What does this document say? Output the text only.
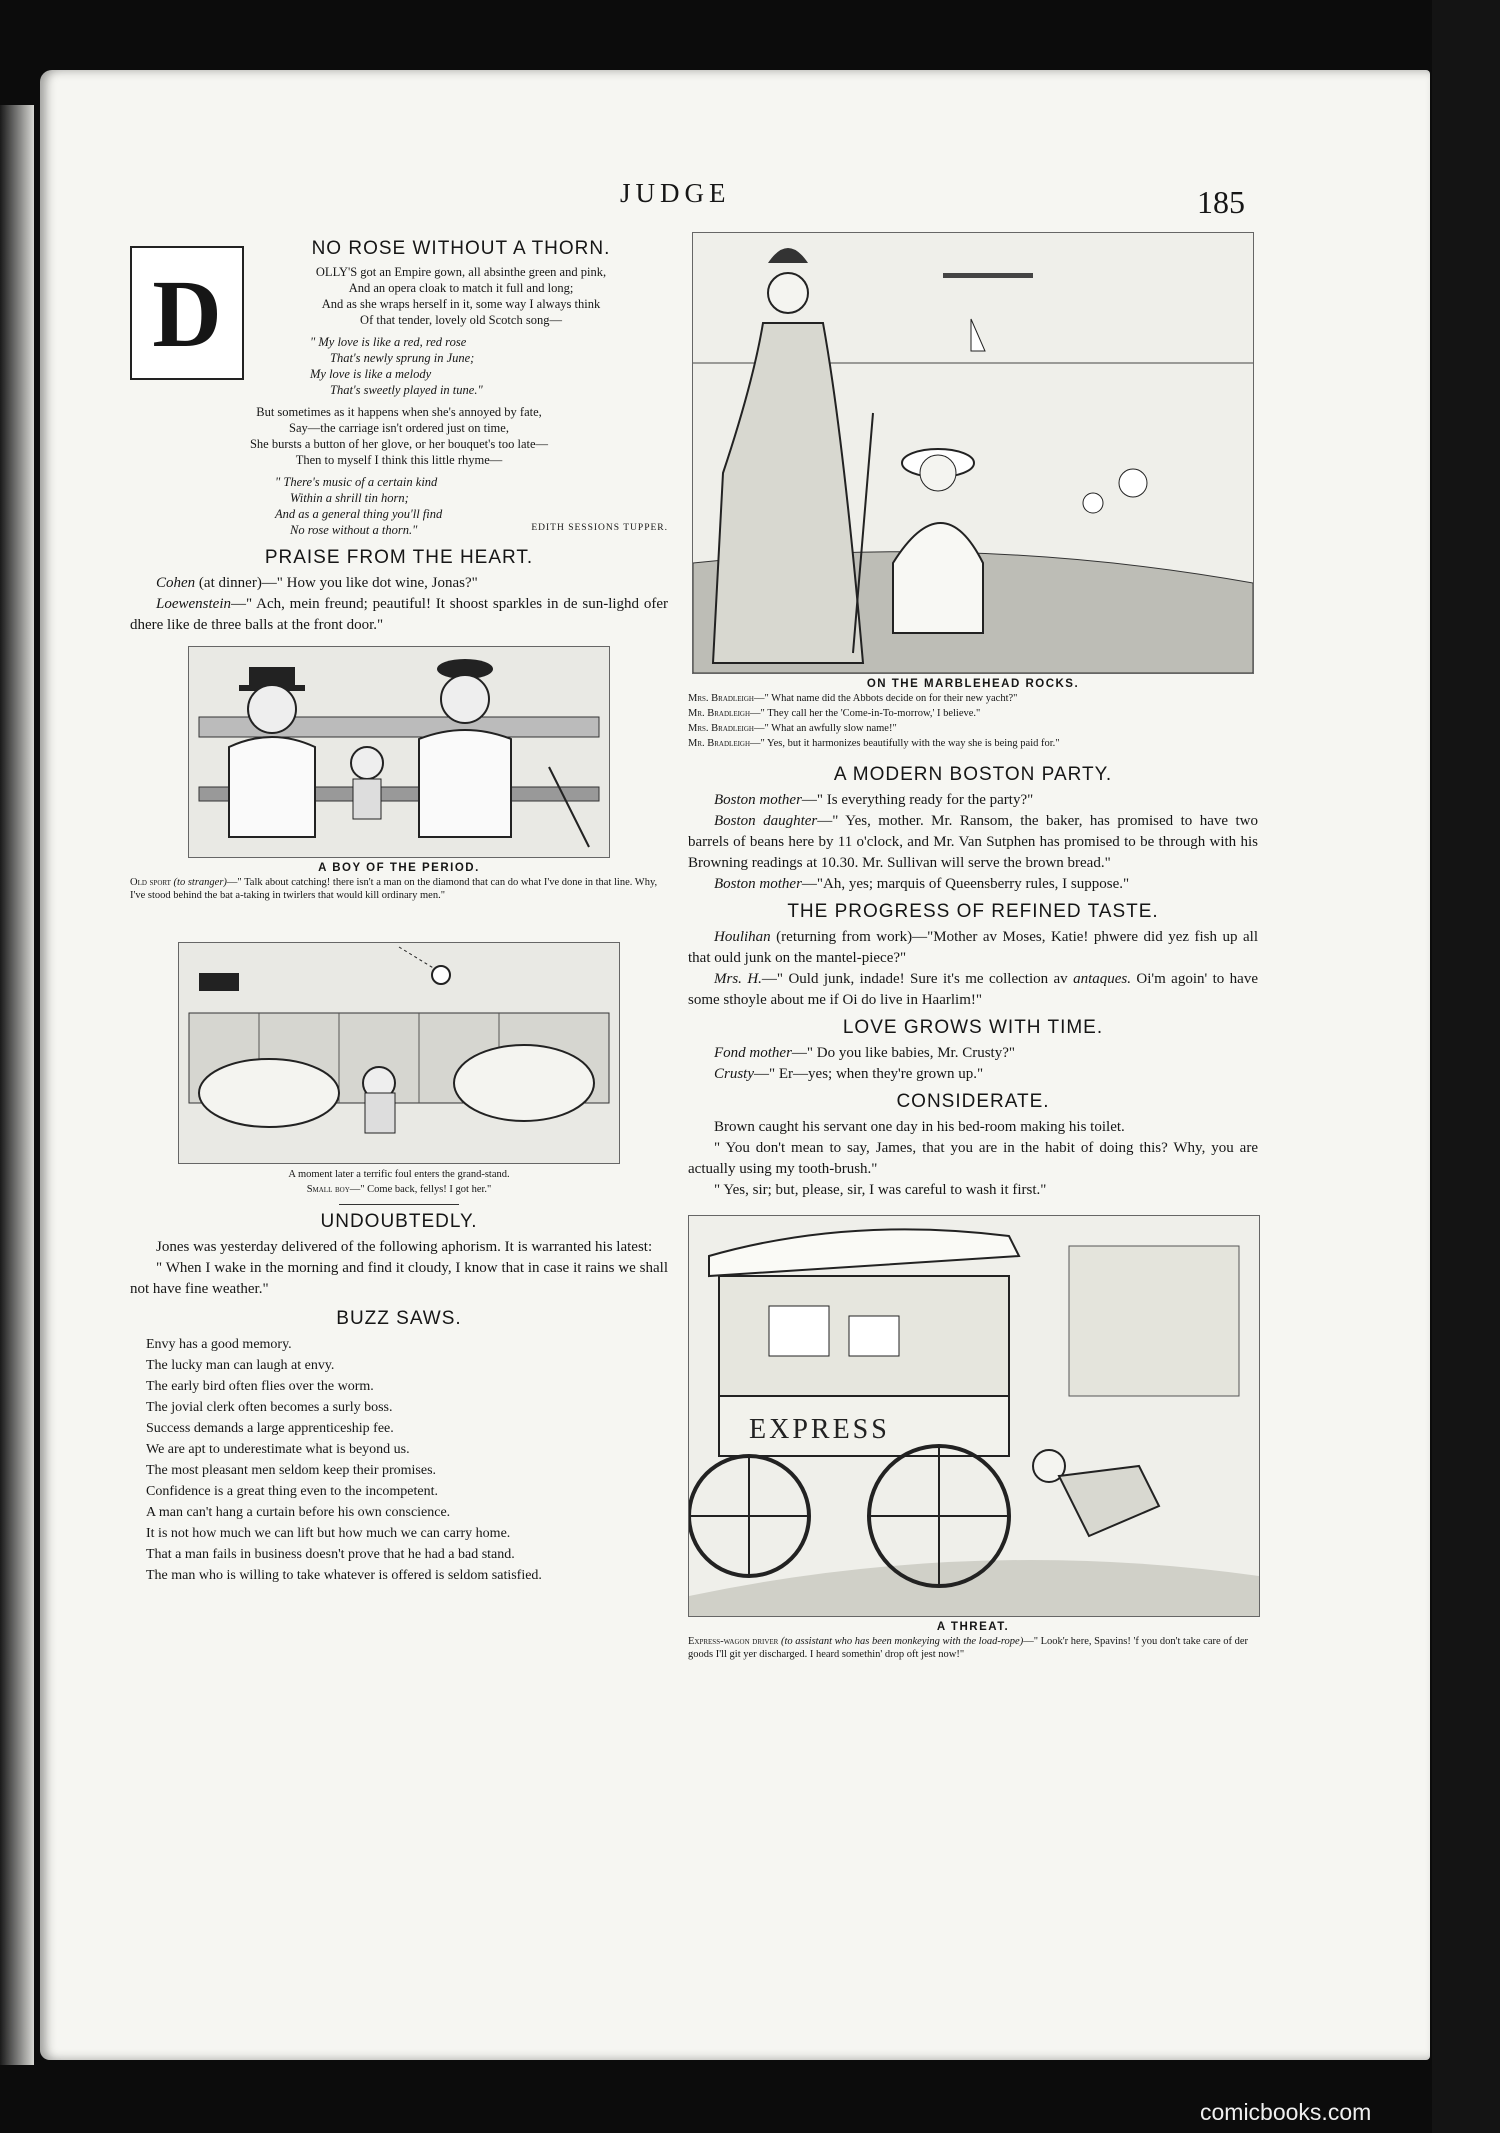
JUDGE	185
D
NO ROSE WITHOUT A THORN.
OLLY'S got an Empire gown, all absinthe green and pink,
And an opera cloak to match it full and long;
And as she wraps herself in it, some way I always think
Of that tender, lovely old Scotch song—
" My love is like a red, red rose
That's newly sprung in June;
My love is like a melody
That's sweetly played in tune."
But sometimes as it happens when she's annoyed by fate,
Say—the carriage isn't ordered just on time,
She bursts a button of her glove, or her bouquet's too late—
Then to myself I think this little rhyme—
" There's music of a certain kind
Within a shrill tin horn;
And as a general thing you'll find
No rose without a thorn."	EDITH SESSIONS TUPPER.
PRAISE FROM THE HEART.

Cohen (at dinner)—" How you like dot wine, Jonas?"

Loewenstein—" Ach, mein freund; peautiful! It shoost sparkles in de sun-lighd ofer dhere like de three balls at the front door."

A BOY OF THE PERIOD.

Old sport (to stranger)—" Talk about catching! there isn't a man on the diamond that can do what I've done in that line. Why, I've stood behind the bat a-taking in twirlers that would kill ordinary men."

A moment later a terrific foul enters the grand-stand.

Small boy—" Come back, fellys! I got her."

UNDOUBTEDLY.

Jones was yesterday delivered of the following aphorism. It is warranted his latest:

" When I wake in the morning and find it cloudy, I know that in case it rains we shall not have fine weather."

BUZZ SAWS.

Envy has a good memory.

The lucky man can laugh at envy.

The early bird often flies over the worm.

The jovial clerk often becomes a surly boss.

Success demands a large apprenticeship fee.

We are apt to underestimate what is beyond us.

The most pleasant men seldom keep their promises.

Confidence is a great thing even to the incompetent.

A man can't hang a curtain before his own conscience.

It is not how much we can lift but how much we can carry home.

That a man fails in business doesn't prove that he had a bad stand.

The man who is willing to take whatever is offered is seldom satisfied.

ON THE MARBLEHEAD ROCKS.

Mrs. Bradleigh—" What name did the Abbots decide on for their new yacht?"

Mr. Bradleigh—" They call her the 'Come-in-To-morrow,' I believe."

Mrs. Bradleigh—" What an awfully slow name!"

Mr. Bradleigh—" Yes, but it harmonizes beautifully with the way she is being paid for."

A MODERN BOSTON PARTY.

Boston mother—" Is everything ready for the party?"

Boston daughter—" Yes, mother. Mr. Ransom, the baker, has promised to have two barrels of beans here by 11 o'clock, and Mr. Van Sutphen has promised to be through with his Browning readings at 10.30. Mr. Sullivan will serve the brown bread."

Boston mother—"Ah, yes; marquis of Queensberry rules, I suppose."

THE PROGRESS OF REFINED TASTE.

Houlihan (returning from work)—"Mother av Moses, Katie! phwere did yez fish up all that ould junk on the mantel-piece?"

Mrs. H.—" Ould junk, indade! Sure it's me collection av antaques. Oi'm agoin' to have some sthoyle about me if Oi do live in Haarlim!"

LOVE GROWS WITH TIME.

Fond mother—" Do you like babies, Mr. Crusty?"

Crusty—" Er—yes; when they're grown up."

CONSIDERATE.

Brown caught his servant one day in his bed-room making his toilet.

" You don't mean to say, James, that you are in the habit of doing this? Why, you are actually using my tooth-brush."

" Yes, sir; but, please, sir, I was careful to wash it first."

EXPRESS
A THREAT.

Express-wagon driver (to assistant who has been monkeying with the load-rope)—" Look'r here, Spavins! 'f you don't take care of der goods I'll git yer discharged. I heard somethin' drop oft jest now!"

comicbooks.com
